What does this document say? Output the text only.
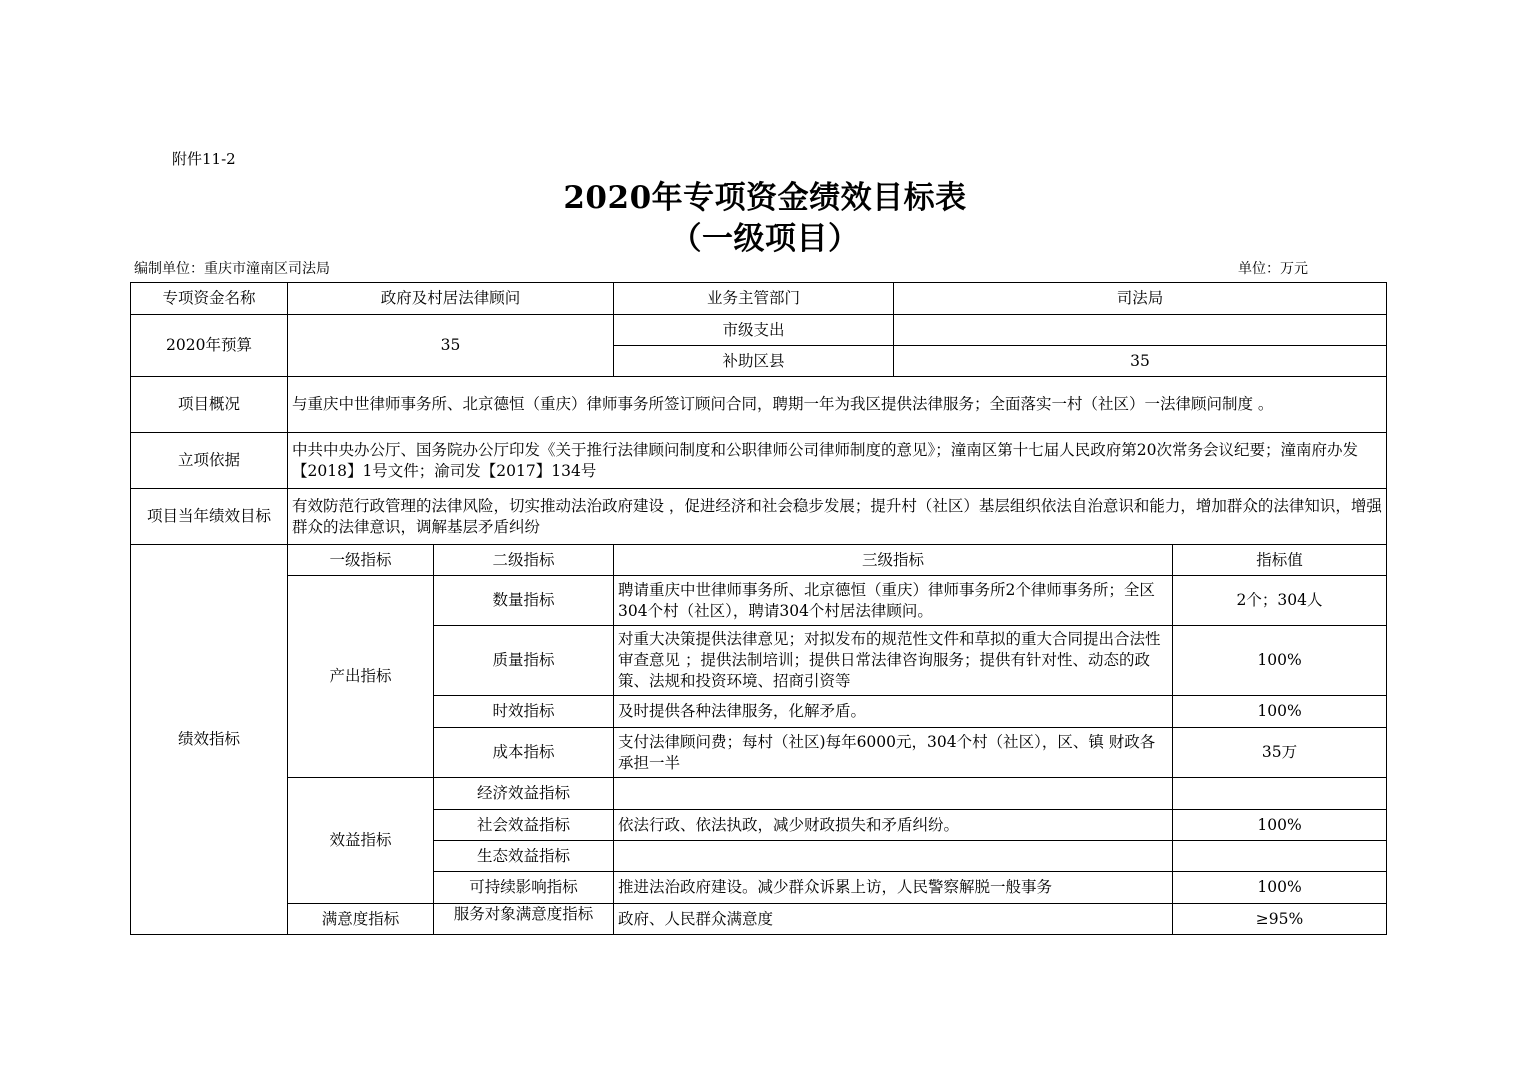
附件11-2
2020年专项资金绩效目标表
（一级项目）
编制单位：重庆市潼南区司法局	单位：万元
专项资金名称	政府及村居法律顾问		业务主管部门	司法局	
2020年预算	35		市级支出		
			补助区县	35	
项目概况	与重庆中世律师事务所、北京德恒（重庆）律师事务所签订顾问合同，聘期一年为我区提供法律服务；全面落实一村（社区）一法律顾问制度 。				
立项依据	中共中央办公厅、国务院办公厅印发《关于推行法律顾问制度和公职律师公司律师制度的意见》；潼南区第十七届人民政府第20次常务会议纪要；潼南府办发【2018】1号文件；渝司发【2017】134号				
项目当年绩效目标	有效防范行政管理的法律风险，切实推动法治政府建设 ，促进经济和社会稳步发展；提升村（社区）基层组织依法自治意识和能力，增加群众的法律知识，增强群众的法律意识，调解基层矛盾纠纷				
绩效指标	一级指标	二级指标	三级指标		指标值
	产出指标	数量指标	聘请重庆中世律师事务所、北京德恒（重庆）律师事务所2个律师事务所；全区304个村（社区），聘请304个村居法律顾问。		2个；304人
		质量指标	对重大决策提供法律意见；对拟发布的规范性文件和草拟的重大合同提出合法性审查意见 ；提供法制培训；提供日常法律咨询服务；提供有针对性、动态的政策、法规和投资环境、招商引资等		100%
		时效指标	及时提供各种法律服务，化解矛盾。		100%
		成本指标	支付法律顾问费；每村（社区)每年6000元，304个村（社区），区、镇 财政各承担一半		35万
	效益指标	经济效益指标			
		社会效益指标	依法行政、依法执政，减少财政损失和矛盾纠纷。		100%
		生态效益指标			
		可持续影响指标	推进法治政府建设。减少群众诉累上访，人民警察解脱一般事务		100%
	满意度指标	服务对象满意度指标	政府、人民群众满意度		≥95%
